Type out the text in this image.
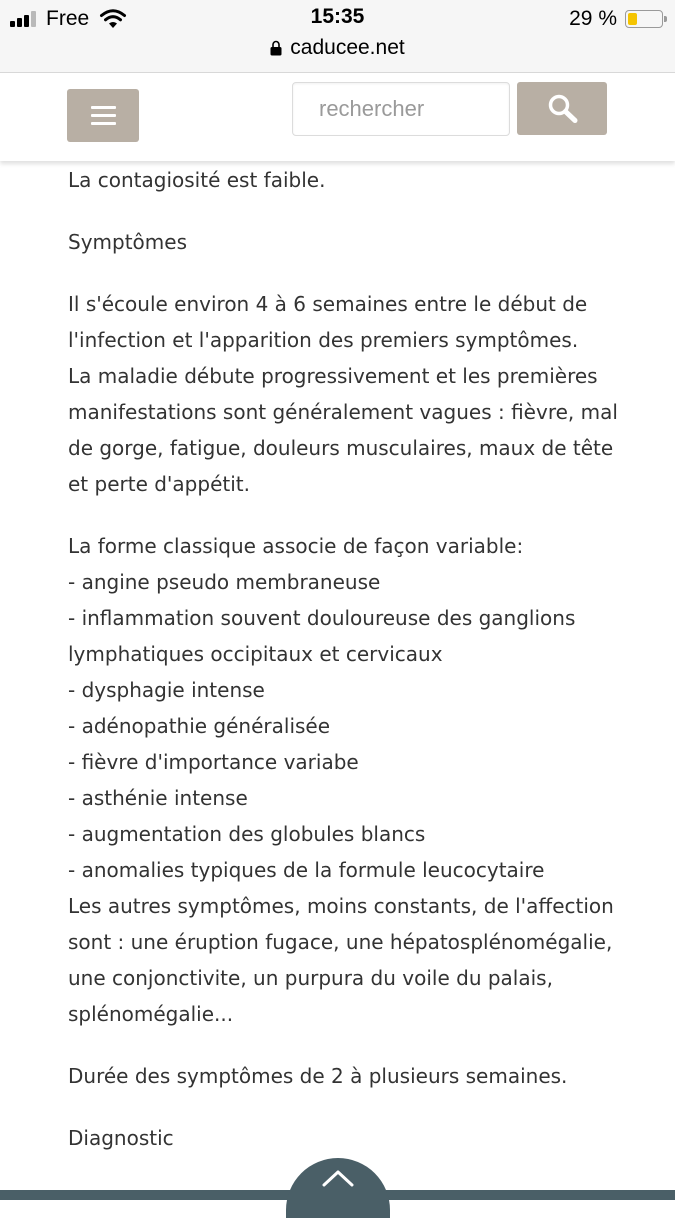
Free	15:35	29 %
caducee.net
rechercher

La contagiosité est faible.

Symptômes

Il s'écoule environ 4 à 6 semaines entre le début de l'infection et l'apparition des premiers symptômes.

La maladie débute progressivement et les premières manifestations sont généralement vagues : fièvre, mal de gorge, fatigue, douleurs musculaires, maux de tête et perte d'appétit.

La forme classique associe de façon variable:

- angine pseudo membraneuse

- inflammation souvent douloureuse des ganglions lymphatiques occipitaux et cervicaux

- dysphagie intense

- adénopathie généralisée

- fièvre d'importance variabe

- asthénie intense

- augmentation des globules blancs

- anomalies typiques de la formule leucocytaire

Les autres symptômes, moins constants, de l'affection sont : une éruption fugace, une hépatosplénomégalie, une conjonctivite, un purpura du voile du palais, splénomégalie...

Durée des symptômes de 2 à plusieurs semaines.

Diagnostic
